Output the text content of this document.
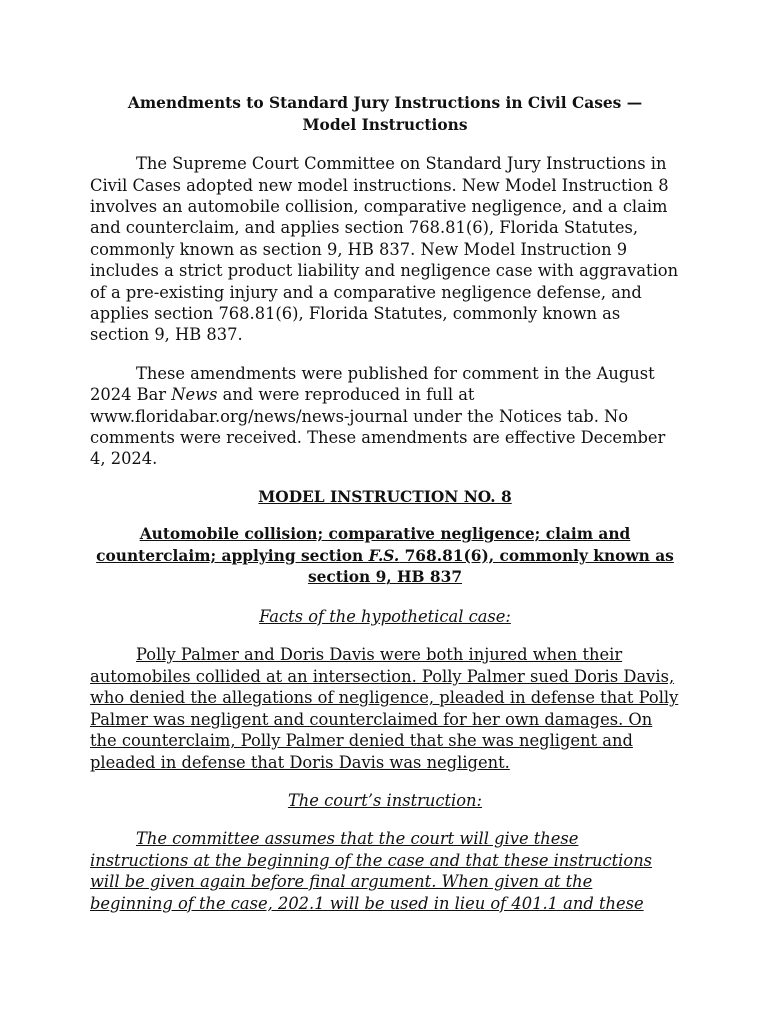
Amendments to Standard Jury Instructions in Civil Cases —
Model Instructions

The Supreme Court Committee on Standard Jury Instructions in Civil Cases adopted new model instructions. New Model Instruction 8 involves an automobile collision, comparative negligence, and a claim and counterclaim, and applies section 768.81(6), Florida Statutes, commonly known as section 9, HB 837. New Model Instruction 9 includes a strict product liability and negligence case with aggravation of a pre-existing injury and a comparative negligence defense, and applies section 768.81(6), Florida Statutes, commonly known as section 9, HB 837.

These amendments were published for comment in the August 2024 Bar News and were reproduced in full at www.floridabar.org/news/news-journal under the Notices tab. No comments were received. These amendments are effective December 4, 2024.

MODEL INSTRUCTION NO. 8
Automobile collision; comparative negligence; claim and counterclaim; applying section F.S. 768.81(6), commonly known as section 9, HB 837
Facts of the hypothetical case:

Polly Palmer and Doris Davis were both injured when their automobiles collided at an intersection. Polly Palmer sued Doris Davis, who denied the allegations of negligence, pleaded in defense that Polly Palmer was negligent and counterclaimed for her own damages. On the counterclaim, Polly Palmer denied that she was negligent and pleaded in defense that Doris Davis was negligent.

The court’s instruction:

The committee assumes that the court will give these instructions at the beginning of the case and that these instructions will be given again before final argument. When given at the beginning of the case, 202.1 will be used in lieu of 401.1 and these
